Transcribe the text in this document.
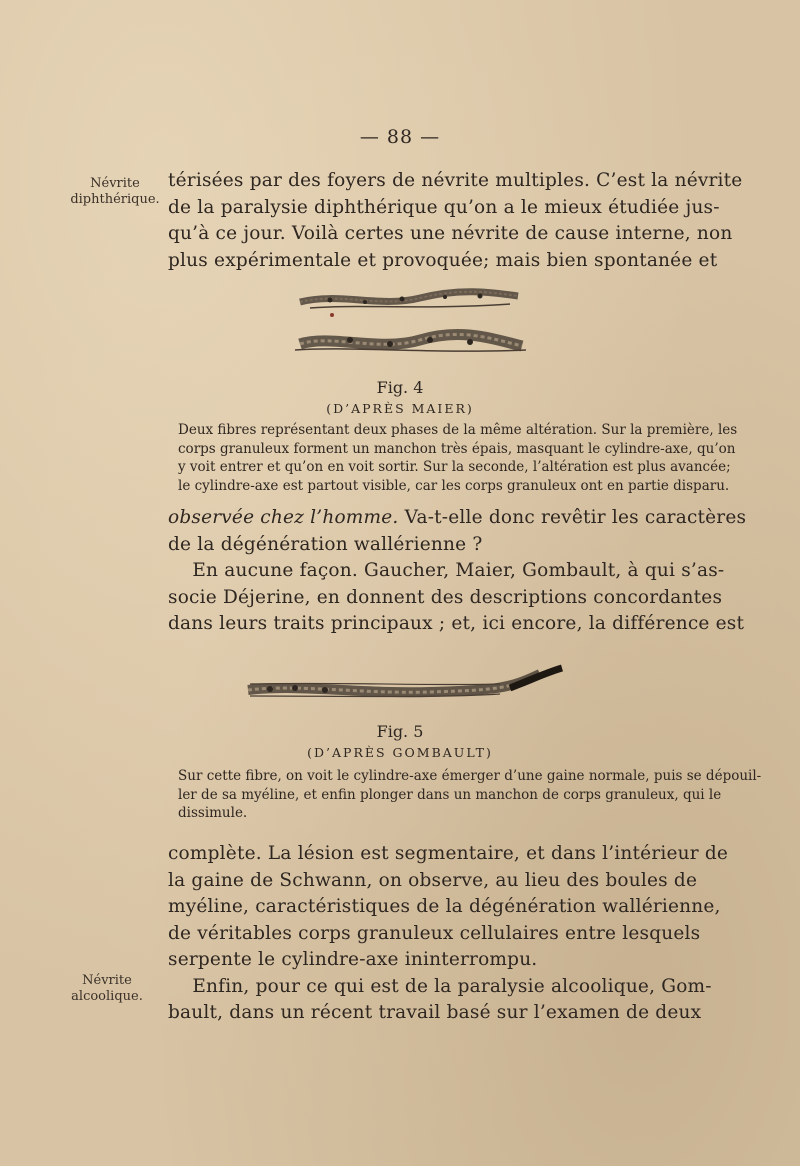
— 88 —
Névrite
diphthérique.
térisées par des foyers de névrite multiples. C’est la névrite
de la paralysie diphthérique qu’on a le mieux étudiée jus-
qu’à ce jour. Voilà certes une névrite de cause interne, non
plus expérimentale et provoquée; mais bien spontanée et
Fig. 4
(D’APRÈS MAIER)
Deux fibres représentant deux phases de la même altération. Sur la première, les
corps granuleux forment un manchon très épais, masquant le cylindre-axe, qu’on
y voit entrer et qu’on en voit sortir. Sur la seconde, l’altération est plus avancée;
le cylindre-axe est partout visible, car les corps granuleux ont en partie disparu.
observée chez l’homme. Va-t-elle donc revêtir les caractères
de la dégénération wallérienne ?
En aucune façon. Gaucher, Maier, Gombault, à qui s’as-
socie Déjerine, en donnent des descriptions concordantes
dans leurs traits principaux ; et, ici encore, la différence est
Fig. 5
(D’APRÈS GOMBAULT)
Sur cette fibre, on voit le cylindre-axe émerger d’une gaine normale, puis se dépouil-
ler de sa myéline, et enfin plonger dans un manchon de corps granuleux, qui le
dissimule.
complète. La lésion est segmentaire, et dans l’intérieur de
la gaine de Schwann, on observe, au lieu des boules de
myéline, caractéristiques de la dégénération wallérienne,
de véritables corps granuleux cellulaires entre lesquels
serpente le cylindre-axe ininterrompu.
Enfin, pour ce qui est de la paralysie alcoolique, Gom-
bault, dans un récent travail basé sur l’examen de deux
Névrite
alcoolique.
